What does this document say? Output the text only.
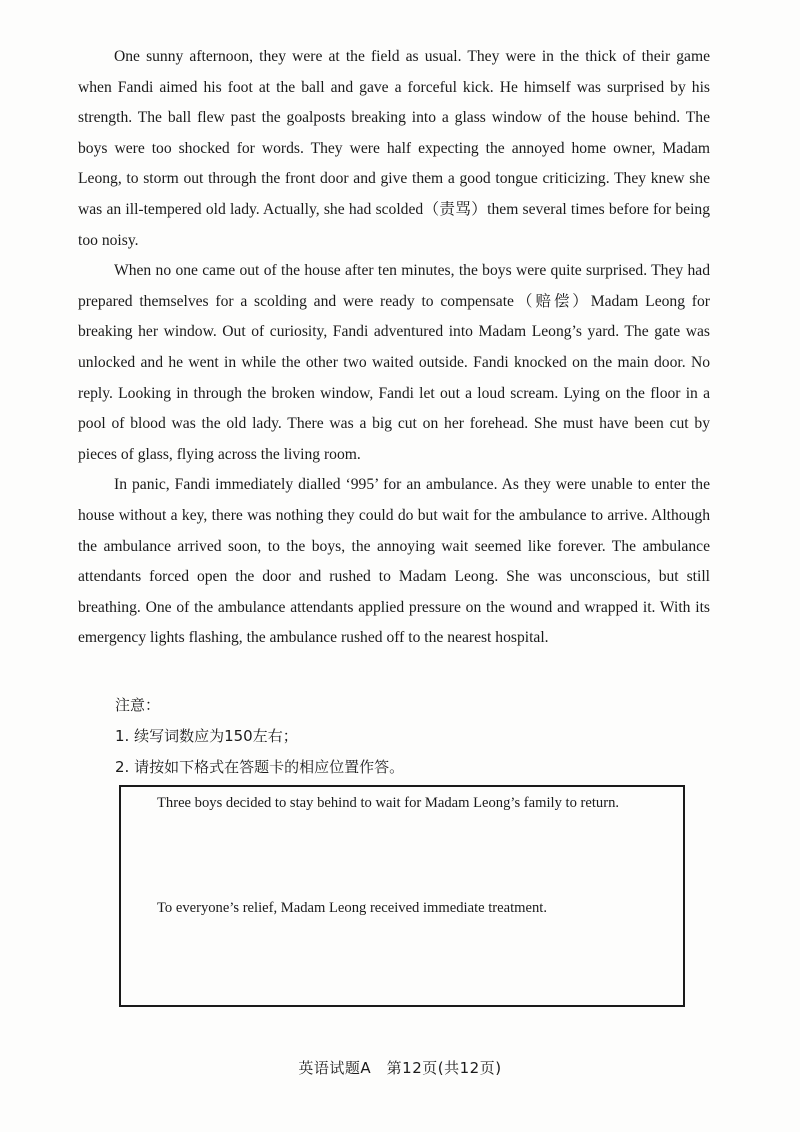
One sunny afternoon, they were at the field as usual. They were in the thick of their game when Fandi aimed his foot at the ball and gave a forceful kick. He himself was surprised by his strength. The ball flew past the goalposts breaking into a glass window of the house behind. The boys were too shocked for words. They were half expecting the annoyed home owner, Madam Leong, to storm out through the front door and give them a good tongue criticizing. They knew she was an ill-tempered old lady. Actually, she had scolded（责骂）them several times before for being too noisy.

When no one came out of the house after ten minutes, the boys were quite surprised. They had prepared themselves for a scolding and were ready to compensate（赔偿）Madam Leong for breaking her window. Out of curiosity, Fandi adventured into Madam Leong’s yard. The gate was unlocked and he went in while the other two waited outside. Fandi knocked on the main door. No reply. Looking in through the broken window, Fandi let out a loud scream. Lying on the floor in a pool of blood was the old lady. There was a big cut on her forehead. She must have been cut by pieces of glass, flying across the living room.

In panic, Fandi immediately dialled ‘995’ for an ambulance. As they were unable to enter the house without a key, there was nothing they could do but wait for the ambulance to arrive. Although the ambulance arrived soon, to the boys, the annoying wait seemed like forever. The ambulance attendants forced open the door and rushed to Madam Leong. She was unconscious, but still breathing. One of the ambulance attendants applied pressure on the wound and wrapped it. With its emergency lights flashing, the ambulance rushed off to the nearest hospital.

注意：
1. 续写词数应为150左右；
2. 请按如下格式在答题卡的相应位置作答。
Three boys decided to stay behind to wait for Madam Leong’s family to return.
To everyone’s relief, Madam Leong received immediate treatment.
英语试题A　第12页(共12页)
